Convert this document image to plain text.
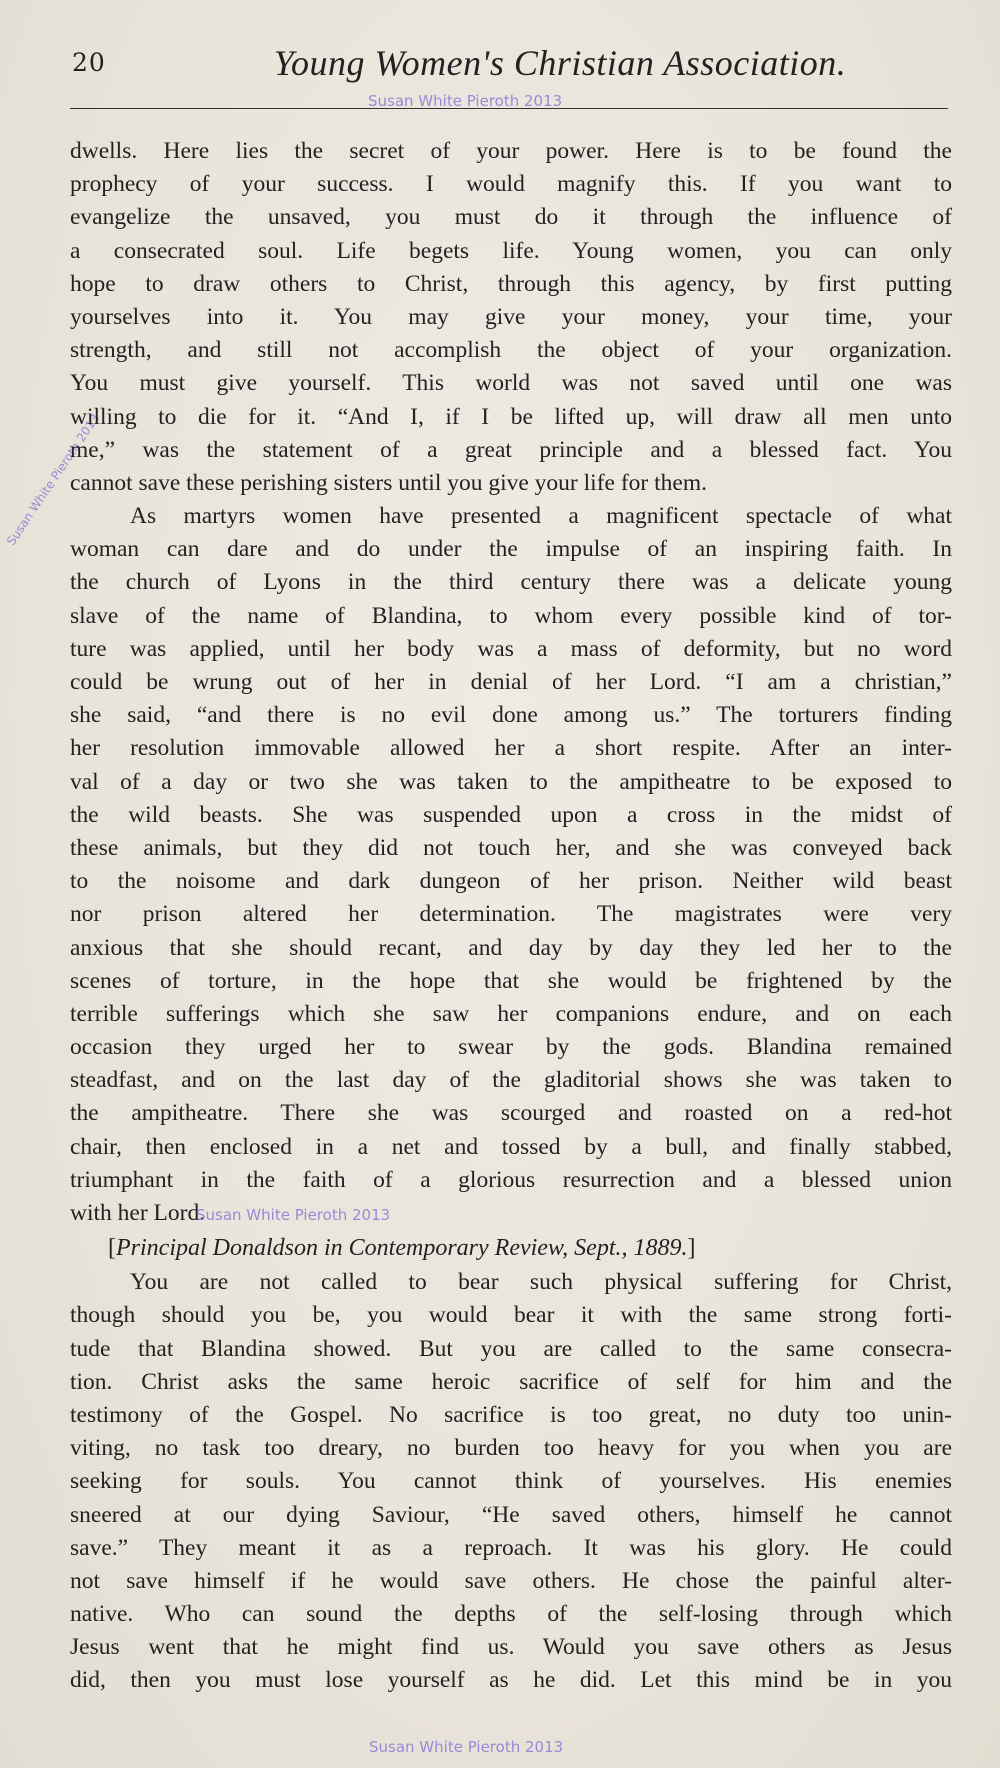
20	Young Women's Christian Association.
Susan White Pieroth 2013
Susan White Pieroth 2013
dwells. Here lies the secret of your power. Here is to be found the
prophecy of your success. I would magnify this. If you want to
evangelize the unsaved, you must do it through the influence of
a consecrated soul. Life begets life. Young women, you can only
hope to draw others to Christ, through this agency, by first putting
yourselves into it. You may give your money, your time, your
strength, and still not accomplish the object of your organization.
You must give yourself. This world was not saved until one was
willing to die for it. “And I, if I be lifted up, will draw all men unto
me,” was the statement of a great principle and a blessed fact. You
cannot save these perishing sisters until you give your life for them.
As martyrs women have presented a magnificent spectacle of what
woman can dare and do under the impulse of an inspiring faith. In
the church of Lyons in the third century there was a delicate young
slave of the name of Blandina, to whom every possible kind of tor-
ture was applied, until her body was a mass of deformity, but no word
could be wrung out of her in denial of her Lord. “I am a christian,”
she said, “and there is no evil done among us.” The torturers finding
her resolution immovable allowed her a short respite. After an inter-
val of a day or two she was taken to the ampitheatre to be exposed to
the wild beasts. She was suspended upon a cross in the midst of
these animals, but they did not touch her, and she was conveyed back
to the noisome and dark dungeon of her prison. Neither wild beast
nor prison altered her determination. The magistrates were very
anxious that she should recant, and day by day they led her to the
scenes of torture, in the hope that she would be frightened by the
terrible sufferings which she saw her companions endure, and on each
occasion they urged her to swear by the gods. Blandina remained
steadfast, and on the last day of the gladitorial shows she was taken to
the ampitheatre. There she was scourged and roasted on a red-hot
chair, then enclosed in a net and tossed by a bull, and finally stabbed,
triumphant in the faith of a glorious resurrection and a blessed union
with her Lord.
[Principal Donaldson in Contemporary Review, Sept., 1889.]
You are not called to bear such physical suffering for Christ,
though should you be, you would bear it with the same strong forti-
tude that Blandina showed. But you are called to the same consecra-
tion. Christ asks the same heroic sacrifice of self for him and the
testimony of the Gospel. No sacrifice is too great, no duty too unin-
viting, no task too dreary, no burden too heavy for you when you are
seeking for souls. You cannot think of yourselves. His enemies
sneered at our dying Saviour, “He saved others, himself he cannot
save.” They meant it as a reproach. It was his glory. He could
not save himself if he would save others. He chose the painful alter-
native. Who can sound the depths of the self-losing through which
Jesus went that he might find us. Would you save others as Jesus
did, then you must lose yourself as he did. Let this mind be in you
Susan White Pieroth 2013
Susan White Pieroth 2013
